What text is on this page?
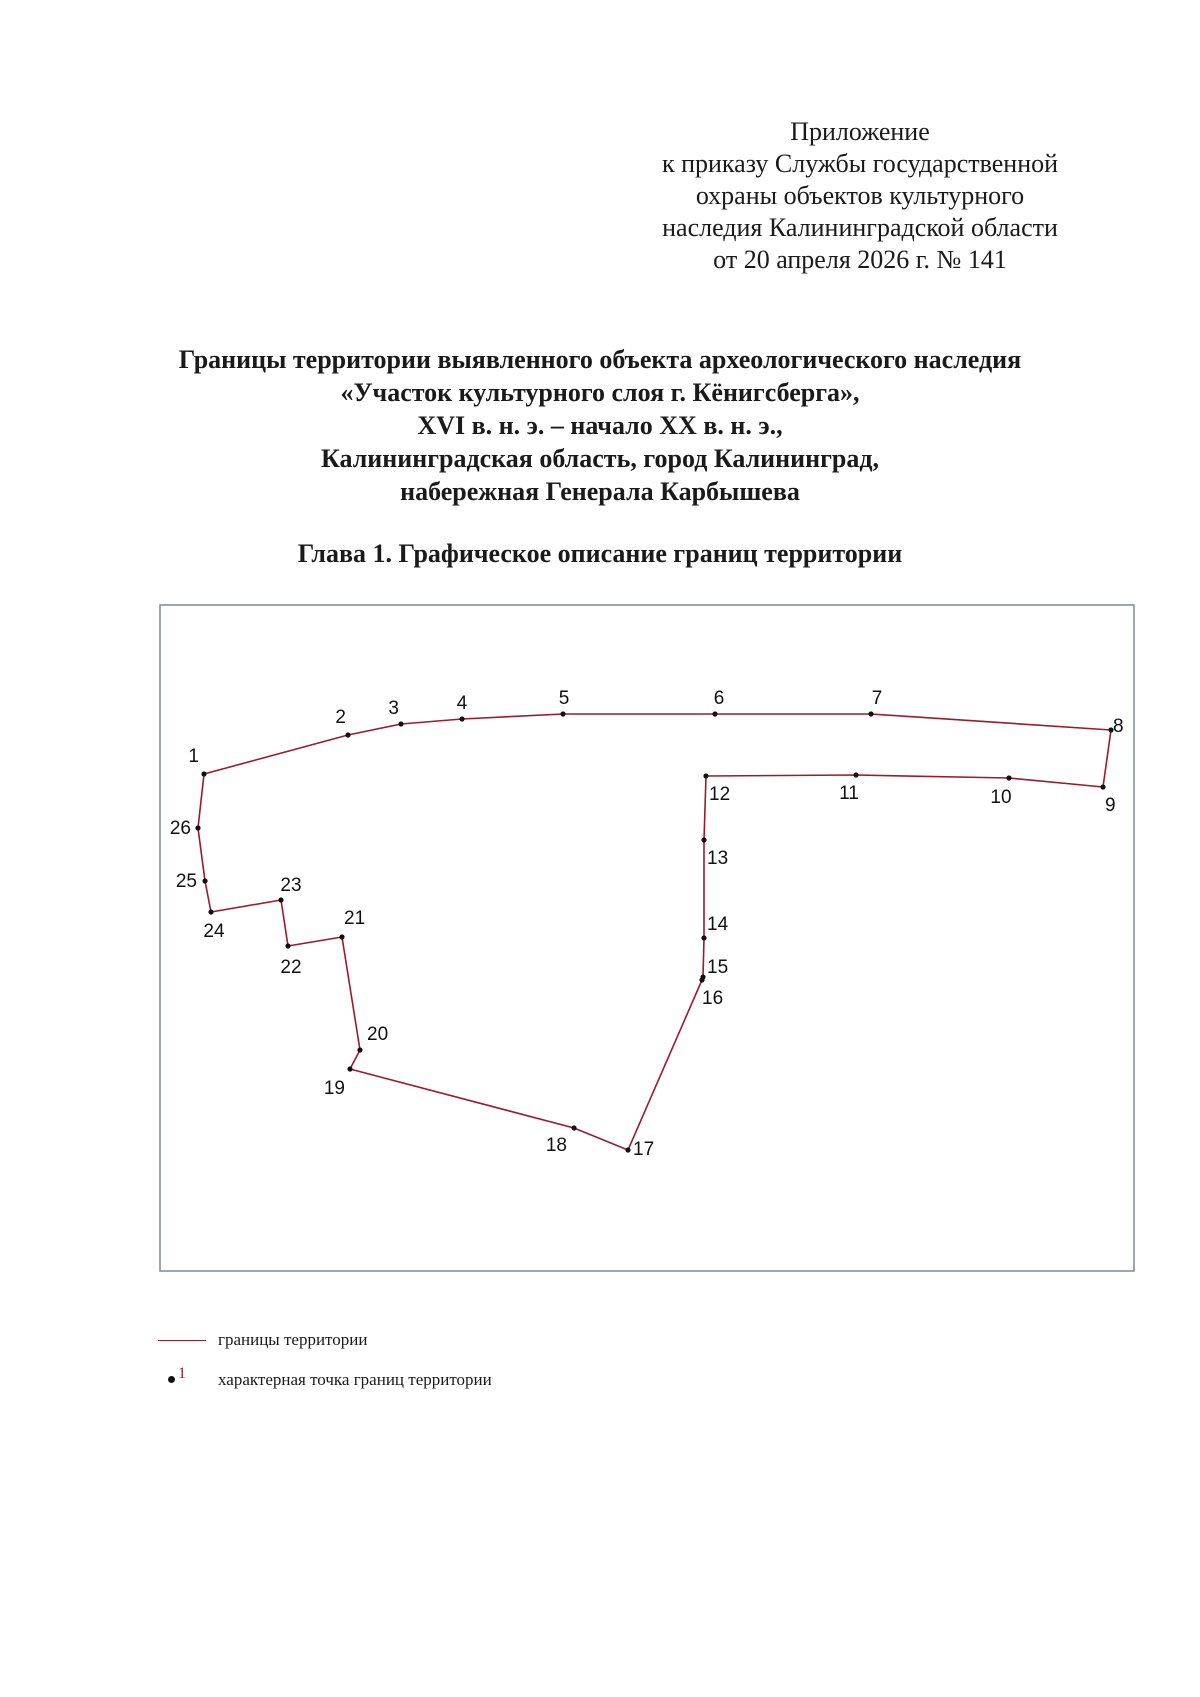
Приложение
к приказу Службы государственной
охраны объектов культурного
наследия Калининградской области
от 20 апреля 2026 г. № 141
Границы территории выявленного объекта археологического наследия
«Участок культурного слоя г. Кёнигсберга»,
XVI в. н. э. – начало XX в. н. э.,
Калининградская область, город Калининград,
набережная Генерала Карбышева
Глава 1. Графическое описание границ территории
1
2 3	4	5	6	7
8
9
10
11
12
13
14
15
16
17
18
19
20
21
22
23
24
25
26
границы территории
1 характерная точка границ территории
